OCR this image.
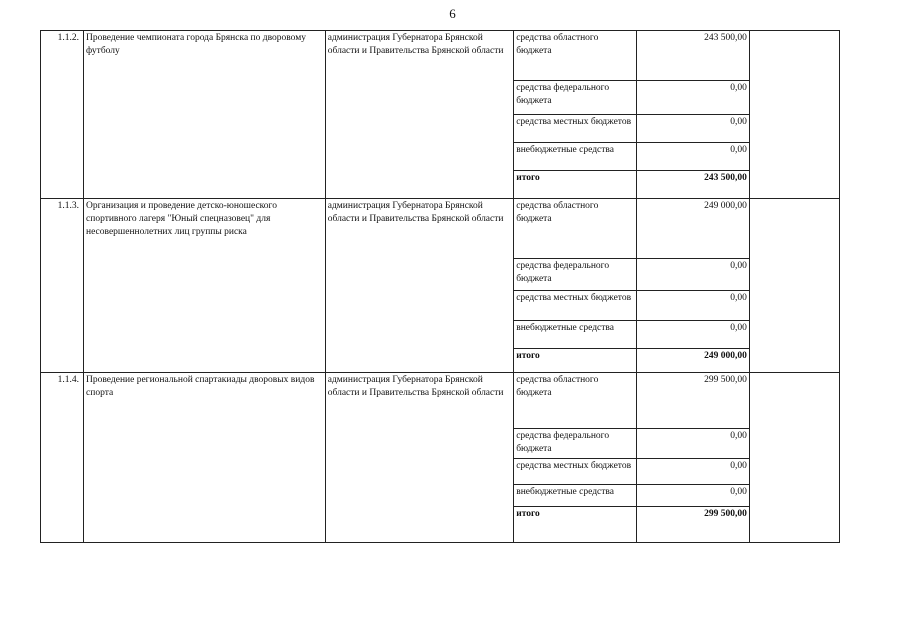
6
1.1.2.	Проведение чемпионата города Брянска по дворовому футболу	администрация Губернатора Брянской области и Правительства Брянской области	средства областного бюджета	243 500,00	
			средства федерального бюджета	0,00	
			средства местных бюджетов	0,00	
			внебюджетные средства	0,00	
			итого	243 500,00	
1.1.3.	Организация и проведение детско-юношеского спортивного лагеря "Юный спецназовец" для несовершеннолетних лиц группы риска	администрация Губернатора Брянской области и Правительства Брянской области	средства областного бюджета	249 000,00	
			средства федерального бюджета	0,00	
			средства местных бюджетов	0,00	
			внебюджетные средства	0,00	
			итого	249 000,00	
1.1.4.	Проведение региональной спартакиады дворовых видов спорта	администрация Губернатора Брянской области и Правительства Брянской области	средства областного бюджета	299 500,00	
			средства федерального бюджета	0,00	
			средства местных бюджетов	0,00	
			внебюджетные средства	0,00	
			итого	299 500,00	
